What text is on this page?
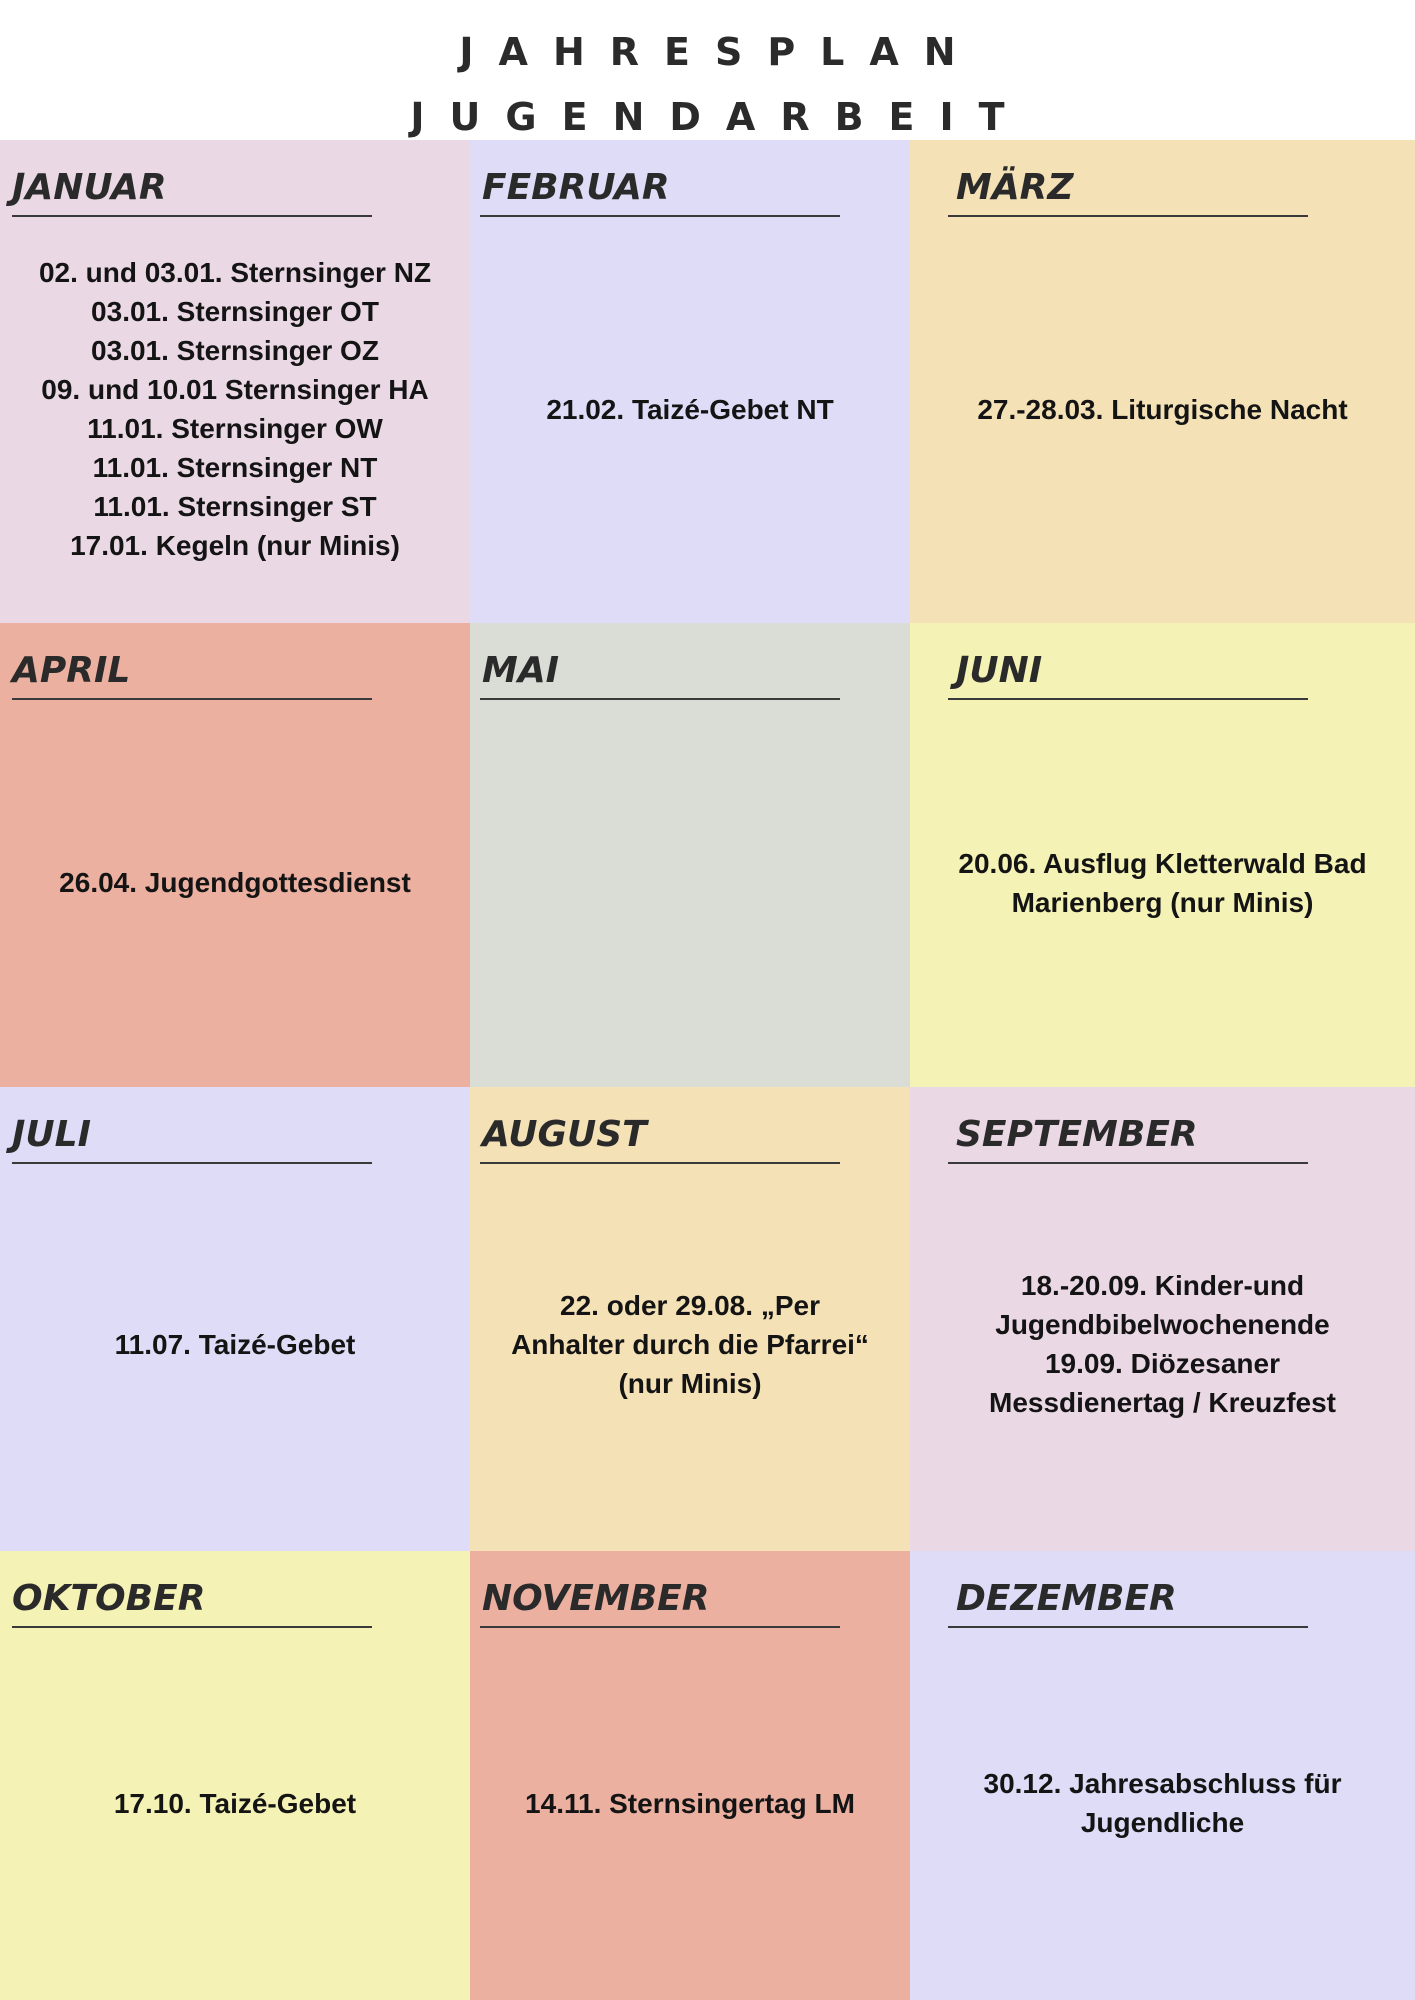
JAHRESPLAN
JUGENDARBEIT
JANUAR
02. und 03.01. Sternsinger NZ
03.01. Sternsinger OT
03.01. Sternsinger OZ
09. und 10.01 Sternsinger HA
11.01. Sternsinger OW
11.01. Sternsinger NT
11.01. Sternsinger ST
17.01. Kegeln (nur Minis)
FEBRUAR
21.02. Taizé-Gebet NT
MÄRZ
27.-28.03. Liturgische Nacht
APRIL
26.04. Jugendgottesdienst
MAI	JUNI
20.06. Ausflug Kletterwald Bad
Marienberg (nur Minis)
JULI
11.07. Taizé-Gebet
AUGUST
22. oder 29.08. „Per
Anhalter durch die Pfarrei“
(nur Minis)
SEPTEMBER
18.-20.09. Kinder-und
Jugendbibelwochenende
19.09. Diözesaner
Messdienertag / Kreuzfest
OKTOBER
17.10. Taizé-Gebet
NOVEMBER
14.11. Sternsingertag LM
DEZEMBER
30.12. Jahresabschluss für
Jugendliche
